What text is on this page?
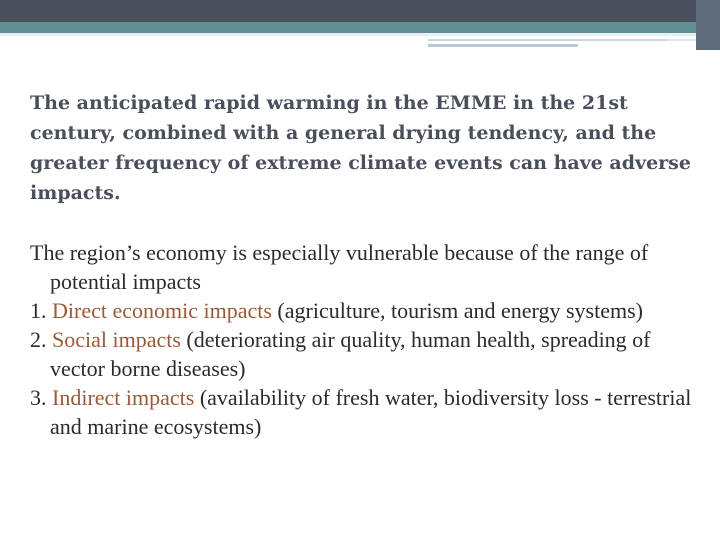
The anticipated rapid warming in the EMME in the 21st century, combined with a general drying tendency, and the greater frequency of extreme climate events can have adverse impacts.

The region’s economy is especially vulnerable because of the range of potential impacts

1. Direct economic impacts (agriculture, tourism and energy systems)

2. Social impacts (deteriorating air quality, human health, spreading of vector borne diseases)

3. Indirect impacts (availability of fresh water, biodiversity loss - terrestrial and marine ecosystems)
